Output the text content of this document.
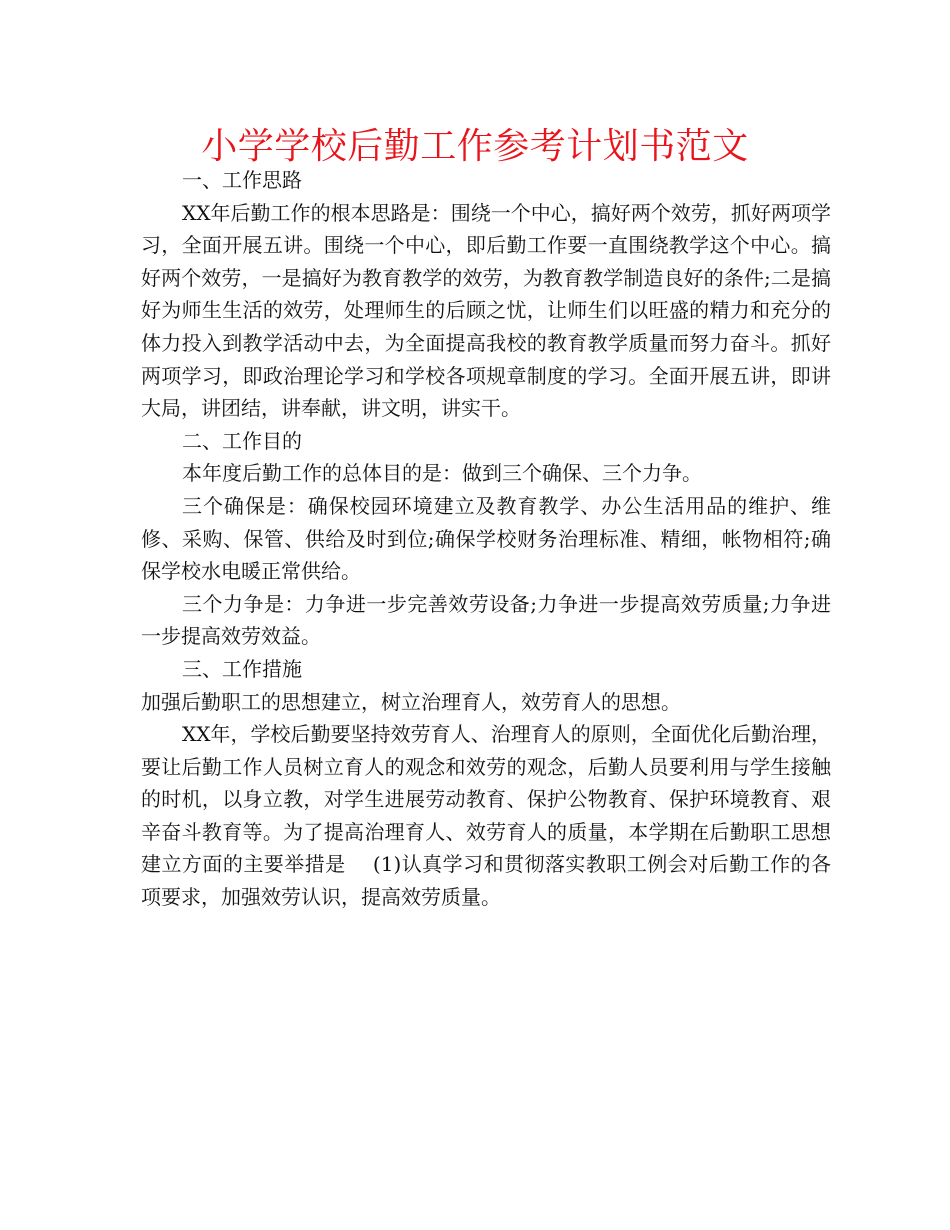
小学学校后勤工作参考计划书范文

一、工作思路

XX年后勤工作的根本思路是：围绕一个中心，搞好两个效劳，抓好两项学习，全面开展五讲。围绕一个中心，即后勤工作要一直围绕教学这个中心。搞好两个效劳，一是搞好为教育教学的效劳，为教育教学制造良好的条件;二是搞好为师生生活的效劳，处理师生的后顾之忧，让师生们以旺盛的精力和充分的体力投入到教学活动中去，为全面提高我校的教育教学质量而努力奋斗。抓好两项学习，即政治理论学习和学校各项规章制度的学习。全面开展五讲，即讲大局，讲团结，讲奉献，讲文明，讲实干。

二、工作目的

本年度后勤工作的总体目的是：做到三个确保、三个力争。

三个确保是：确保校园环境建立及教育教学、办公生活用品的维护、维修、采购、保管、供给及时到位;确保学校财务治理标准、精细，帐物相符;确保学校水电暖正常供给。

三个力争是：力争进一步完善效劳设备;力争进一步提高效劳质量;力争进一步提高效劳效益。

三、工作措施

加强后勤职工的思想建立，树立治理育人，效劳育人的思想。

XX年，学校后勤要坚持效劳育人、治理育人的原则，全面优化后勤治理，要让后勤工作人员树立育人的观念和效劳的观念，后勤人员要利用与学生接触的时机，以身立教，对学生进展劳动教育、保护公物教育、保护环境教育、艰辛奋斗教育等。为了提高治理育人、效劳育人的质量，本学期在后勤职工思想建立方面的主要举措是    (1)认真学习和贯彻落实教职工例会对后勤工作的各项要求，加强效劳认识，提高效劳质量。
